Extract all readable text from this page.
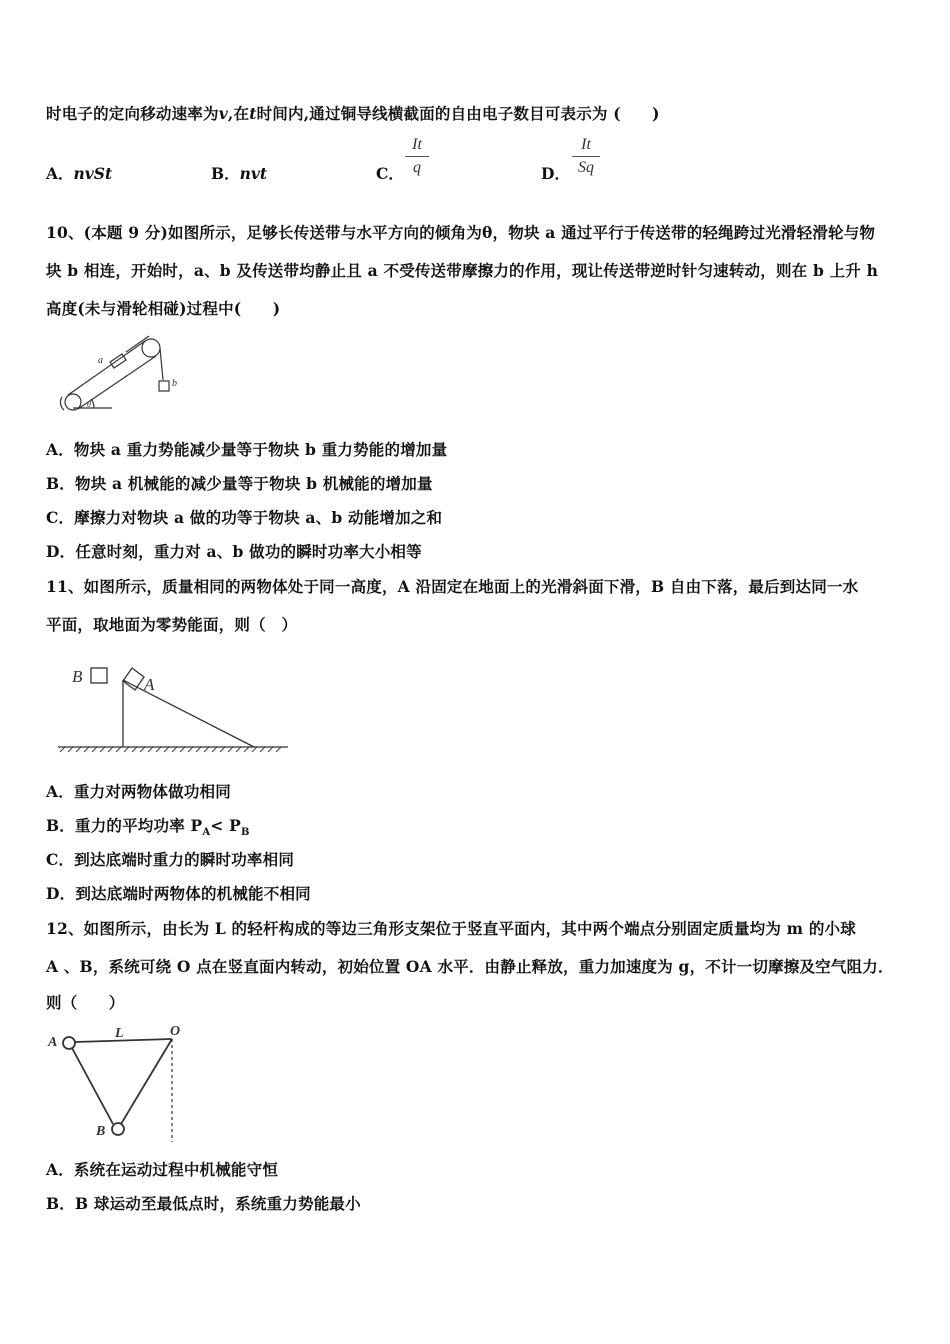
时电子的定向移动速率为v,在t时间内,通过铜导线横截面的自由电子数目可表示为 (　　)
A．nvSt	B．nvt	C． $\frac{It}{q}$	D． $\frac{It}{Sq}$
10、(本题 9 分)如图所示，足够长传送带与水平方向的倾角为θ，物块 a 通过平行于传送带的轻绳跨过光滑轻滑轮与物
块 b 相连，开始时，a、b 及传送带均静止且 a 不受传送带摩擦力的作用，现让传送带逆时针匀速转动，则在 b 上升 h
高度(未与滑轮相碰)过程中(　　)
a
b
θ
A．物块 a 重力势能减少量等于物块 b 重力势能的增加量
B．物块 a 机械能的减少量等于物块 b 机械能的增加量
C．摩擦力对物块 a 做的功等于物块 a、b 动能增加之和
D．任意时刻，重力对 a、b 做功的瞬时功率大小相等
11、如图所示，质量相同的两物体处于同一高度，A 沿固定在地面上的光滑斜面下滑，B 自由下落，最后到达同一水
平面，取地面为零势能面，则（　）
B	A
A．重力对两物体做功相同
B．重力的平均功率 $P_A< P_B$
C．到达底端时重力的瞬时功率相同
D．到达底端时两物体的机械能不相同
12、如图所示，由长为 L 的轻杆构成的等边三角形支架位于竖直平面内，其中两个端点分别固定质量均为 m 的小球
A 、B，系统可绕 O 点在竖直面内转动，初始位置 OA 水平．由静止释放，重力加速度为 g，不计一切摩擦及空气阻力．
则（　　）
A
B
L	O
A．系统在运动过程中机械能守恒
B．B 球运动至最低点时，系统重力势能最小
